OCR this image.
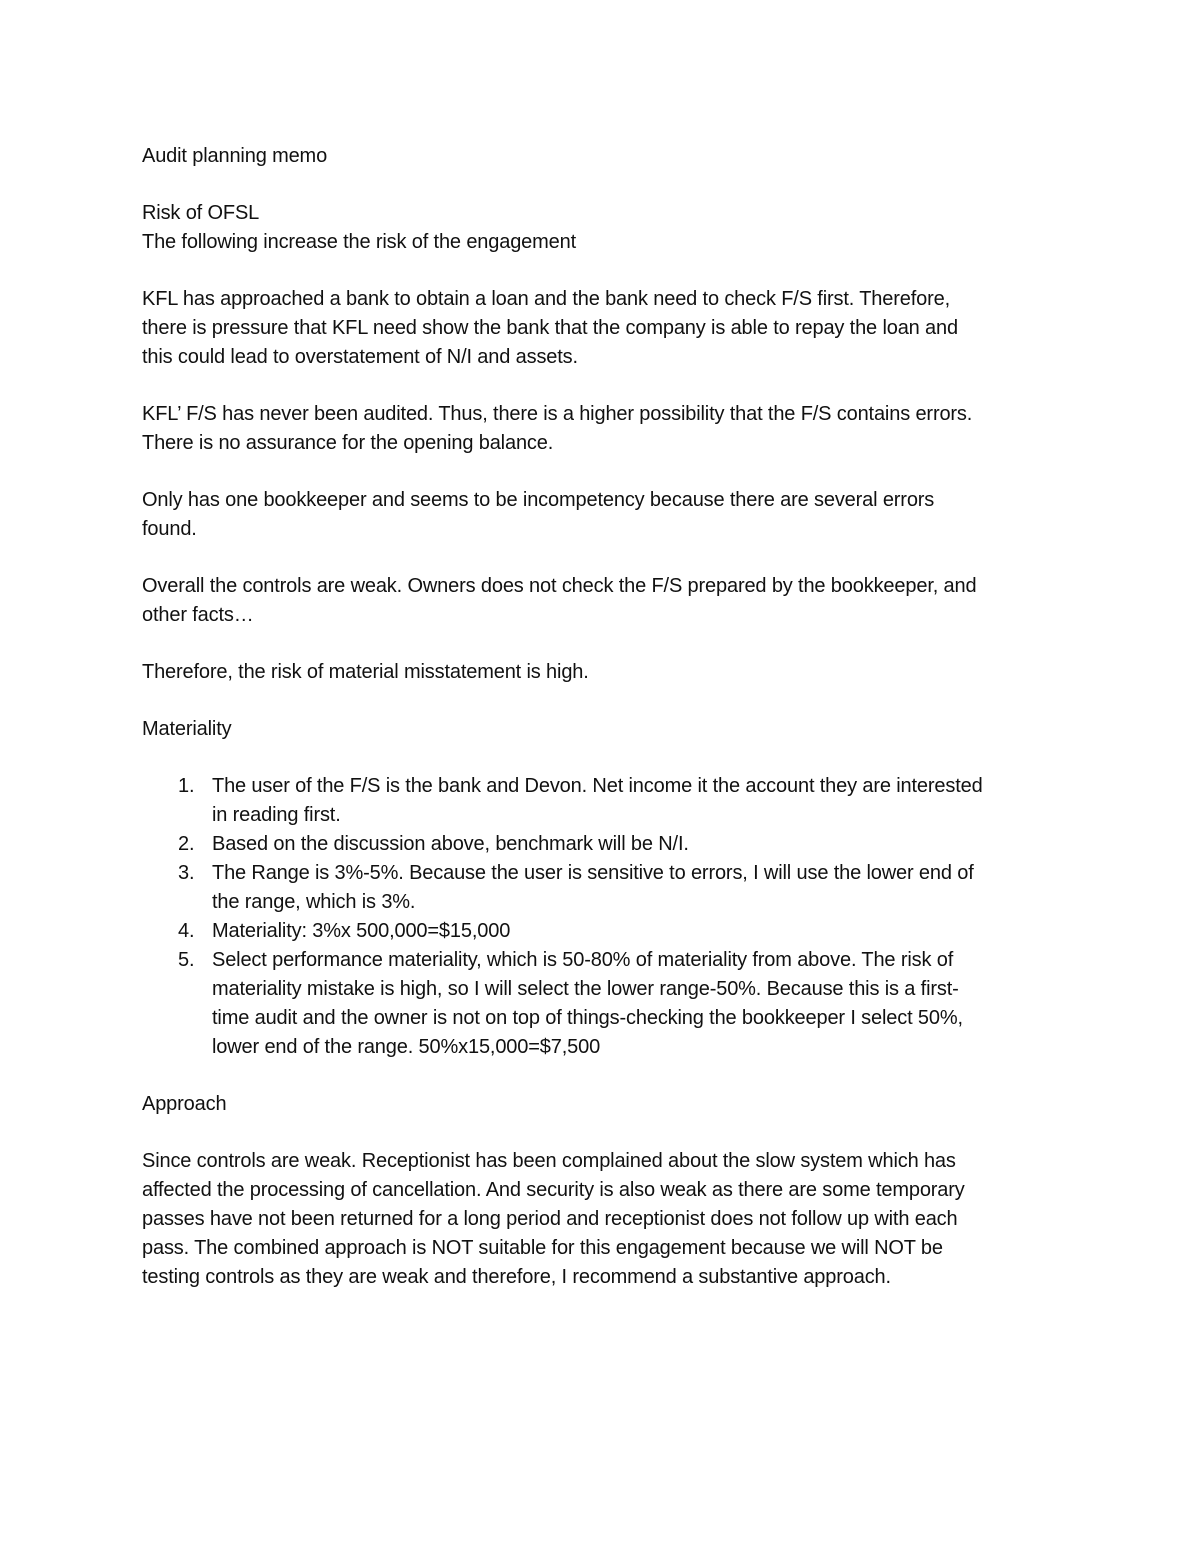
Audit planning memo

Risk of OFSL

The following increase the risk of the engagement

KFL has approached a bank to obtain a loan and the bank need to check F/S first. Therefore,
there is pressure that KFL need show the bank that the company is able to repay the loan and
this could lead to overstatement of N/I and assets.
KFL’ F/S has never been audited. Thus, there is a higher possibility that the F/S contains errors.
There is no assurance for the opening balance.
Only has one bookkeeper and seems to be incompetency because there are several errors
found.
Overall the controls are weak. Owners does not check the F/S prepared by the bookkeeper, and
other facts…

Therefore, the risk of material misstatement is high.

Materiality

1. The user of the F/S is the bank and Devon. Net income it the account they are interested
in reading first.
2. Based on the discussion above, benchmark will be N/I.
3. The Range is 3%-5%. Because the user is sensitive to errors, I will use the lower end of
the range, which is 3%.
4. Materiality: 3%x 500,000=$15,000
5. Select performance materiality, which is 50-80% of materiality from above. The risk of
materiality mistake is high, so I will select the lower range-50%. Because this is a first-
time audit and the owner is not on top of things-checking the bookkeeper I select 50%,
lower end of the range. 50%x15,000=$7,500

Approach

Since controls are weak. Receptionist has been complained about the slow system which has
affected the processing of cancellation. And security is also weak as there are some temporary
passes have not been returned for a long period and receptionist does not follow up with each
pass. The combined approach is NOT suitable for this engagement because we will NOT be
testing controls as they are weak and therefore, I recommend a substantive approach.
